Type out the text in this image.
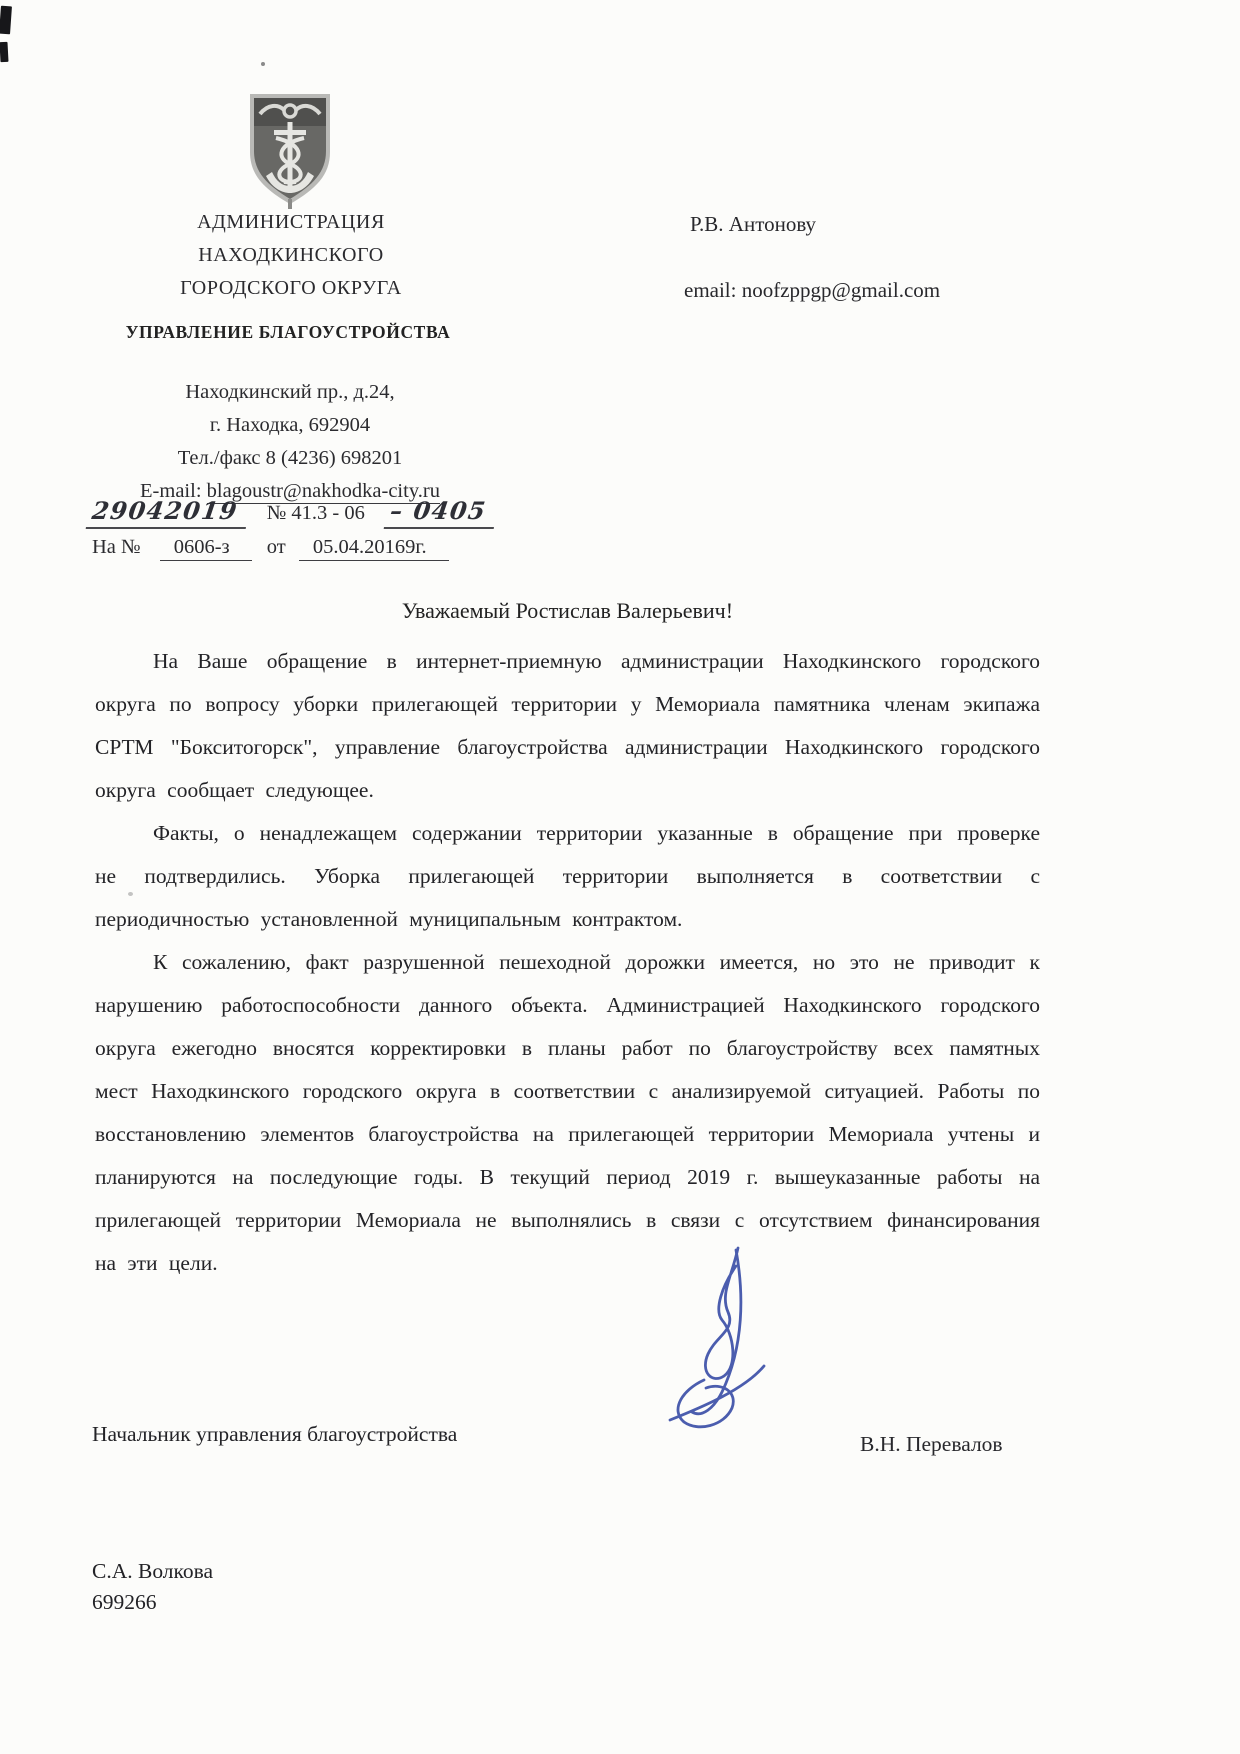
АДМИНИСТРАЦИЯ
НАХОДКИНСКОГО
ГОРОДСКОГО ОКРУГА
УПРАВЛЕНИЕ БЛАГОУСТРОЙСТВА
Находкинский пр., д.24,
г. Находка, 692904
Тел./факс 8 (4236) 698201
E-mail: blagoustr@nakhodka-city.ru
29042019 № 41.3 - 06 – 0405
На № 0606-з от 05.04.20169г.
Р.В. Антонову
email: noofzppgp@gmail.com
Уважаемый Ростислав Валерьевич!

На Ваше обращение в интернет-приемную администрации Находкинского городского округа по вопросу уборки прилегающей территории у Мемориала памятника членам экипажа СРТМ "Бокситогорск", управление благоустройства администрации Находкинского городского округа сообщает следующее.

Факты, о ненадлежащем содержании территории указанные в обращение при проверке не подтвердились. Уборка прилегающей территории выполняется в соответствии с периодичностью установленной муниципальным контрактом.

К сожалению, факт разрушенной пешеходной дорожки имеется, но это не приводит к нарушению работоспособности данного объекта. Администрацией Находкинского городского округа ежегодно вносятся корректировки в планы работ по благоустройству всех памятных мест Находкинского городского округа в соответствии с анализируемой ситуацией. Работы по восстановлению элементов благоустройства на прилегающей территории Мемориала учтены и планируются на последующие годы. В текущий период 2019 г. вышеуказанные работы на прилегающей территории Мемориала не выполнялись в связи с отсутствием финансирования на эти цели.

Начальник управления благоустройства	В.Н. Перевалов
С.А. Волкова
699266
